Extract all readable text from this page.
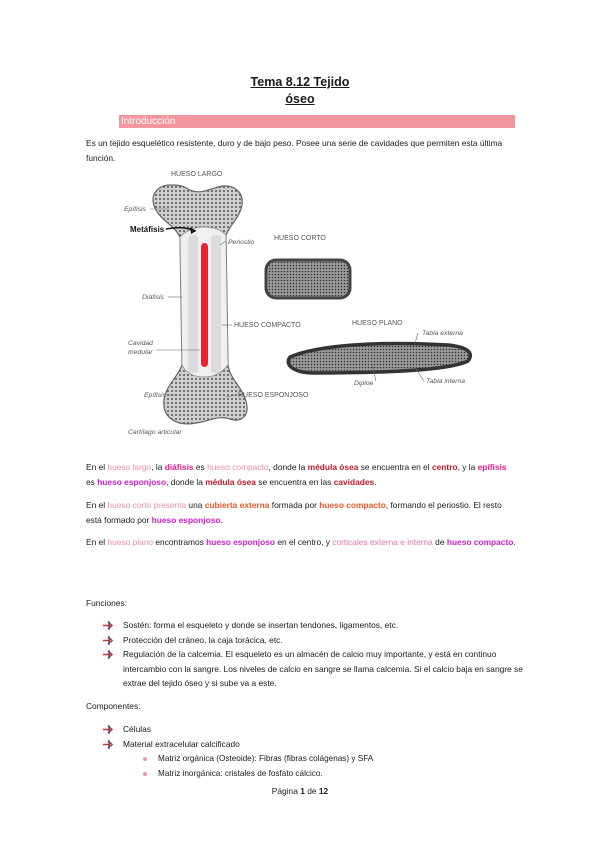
Tema 8.12 Tejido
óseo
Introducción
Es un tejido esquelético resistente, duro y de bajo peso. Posee una serie de cavidades que permiten esta última función.
HUESO LARGO
Epífisis
Metáfisis
Periostio
HUESO CORTO
Diáfisis
HUESO COMPACTO	HUESO PLANO
Tabla externa
Cavidad
medular
Diploe	Tabla interna
HUESO ESPONJOSO
Epífisis
Cartílago articular
En el hueso largo, la diáfisis es hueso compacto, donde la médula ósea se encuentra en el centro, y la epífisis es hueso esponjoso, donde la médula ósea se encuentra en las cavidades.
En el hueso corto presenta una cubierta externa formada por hueso compacto, formando el periostio. El resto está formado por hueso esponjoso.
En el hueso plano encontramos hueso esponjoso en el centro, y corticales externa e interna de hueso compacto.
Funciones:
Sostén: forma el esqueleto y donde se insertan tendones, ligamentos, etc.
Protección del cráneo, la caja torácica, etc.
Regulación de la calcemia. El esqueleto es un almacén de calcio muy importante, y está en continuo intercambio con la sangre. Los niveles de calcio en sangre se llama calcemia. Si el calcio baja en sangre se extrae del tejido óseo y si sube va a este.
Componentes:
Células
Material extracelular calcificado
Matriz orgánica (Osteoide): Fibras (fibras colágenas) y SFA
Matriz inorgánica: cristales de fosfato cálcico.
Página 1 de 12
